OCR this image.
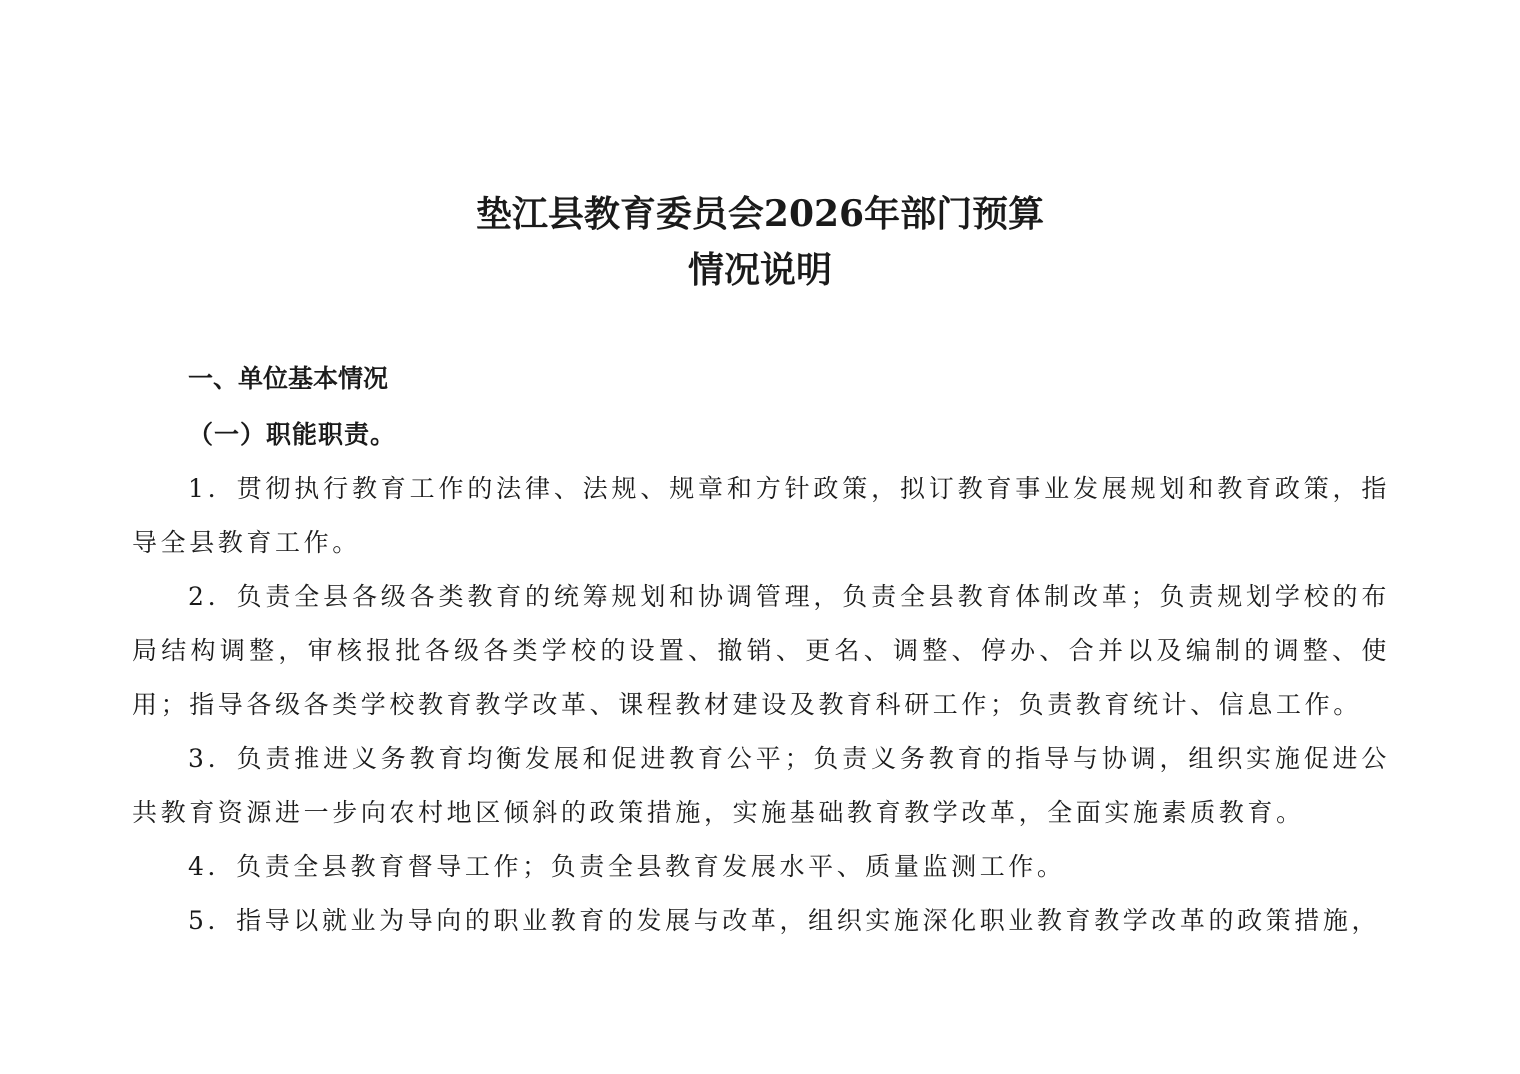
垫江县教育委员会2026年部门预算
情况说明
一、单位基本情况
（一）职能职责。

1．贯彻执行教育工作的法律、法规、规章和方针政策，拟订教育事业发展规划和教育政策，指导全县教育工作。

2．负责全县各级各类教育的统筹规划和协调管理，负责全县教育体制改革；负责规划学校的布局结构调整，审核报批各级各类学校的设置、撤销、更名、调整、停办、合并以及编制的调整、使用；指导各级各类学校教育教学改革、课程教材建设及教育科研工作；负责教育统计、信息工作。

3．负责推进义务教育均衡发展和促进教育公平；负责义务教育的指导与协调，组织实施促进公共教育资源进一步向农村地区倾斜的政策措施，实施基础教育教学改革，全面实施素质教育。

4．负责全县教育督导工作；负责全县教育发展水平、质量监测工作。

5．指导以就业为导向的职业教育的发展与改革，组织实施深化职业教育教学改革的政策措施，
